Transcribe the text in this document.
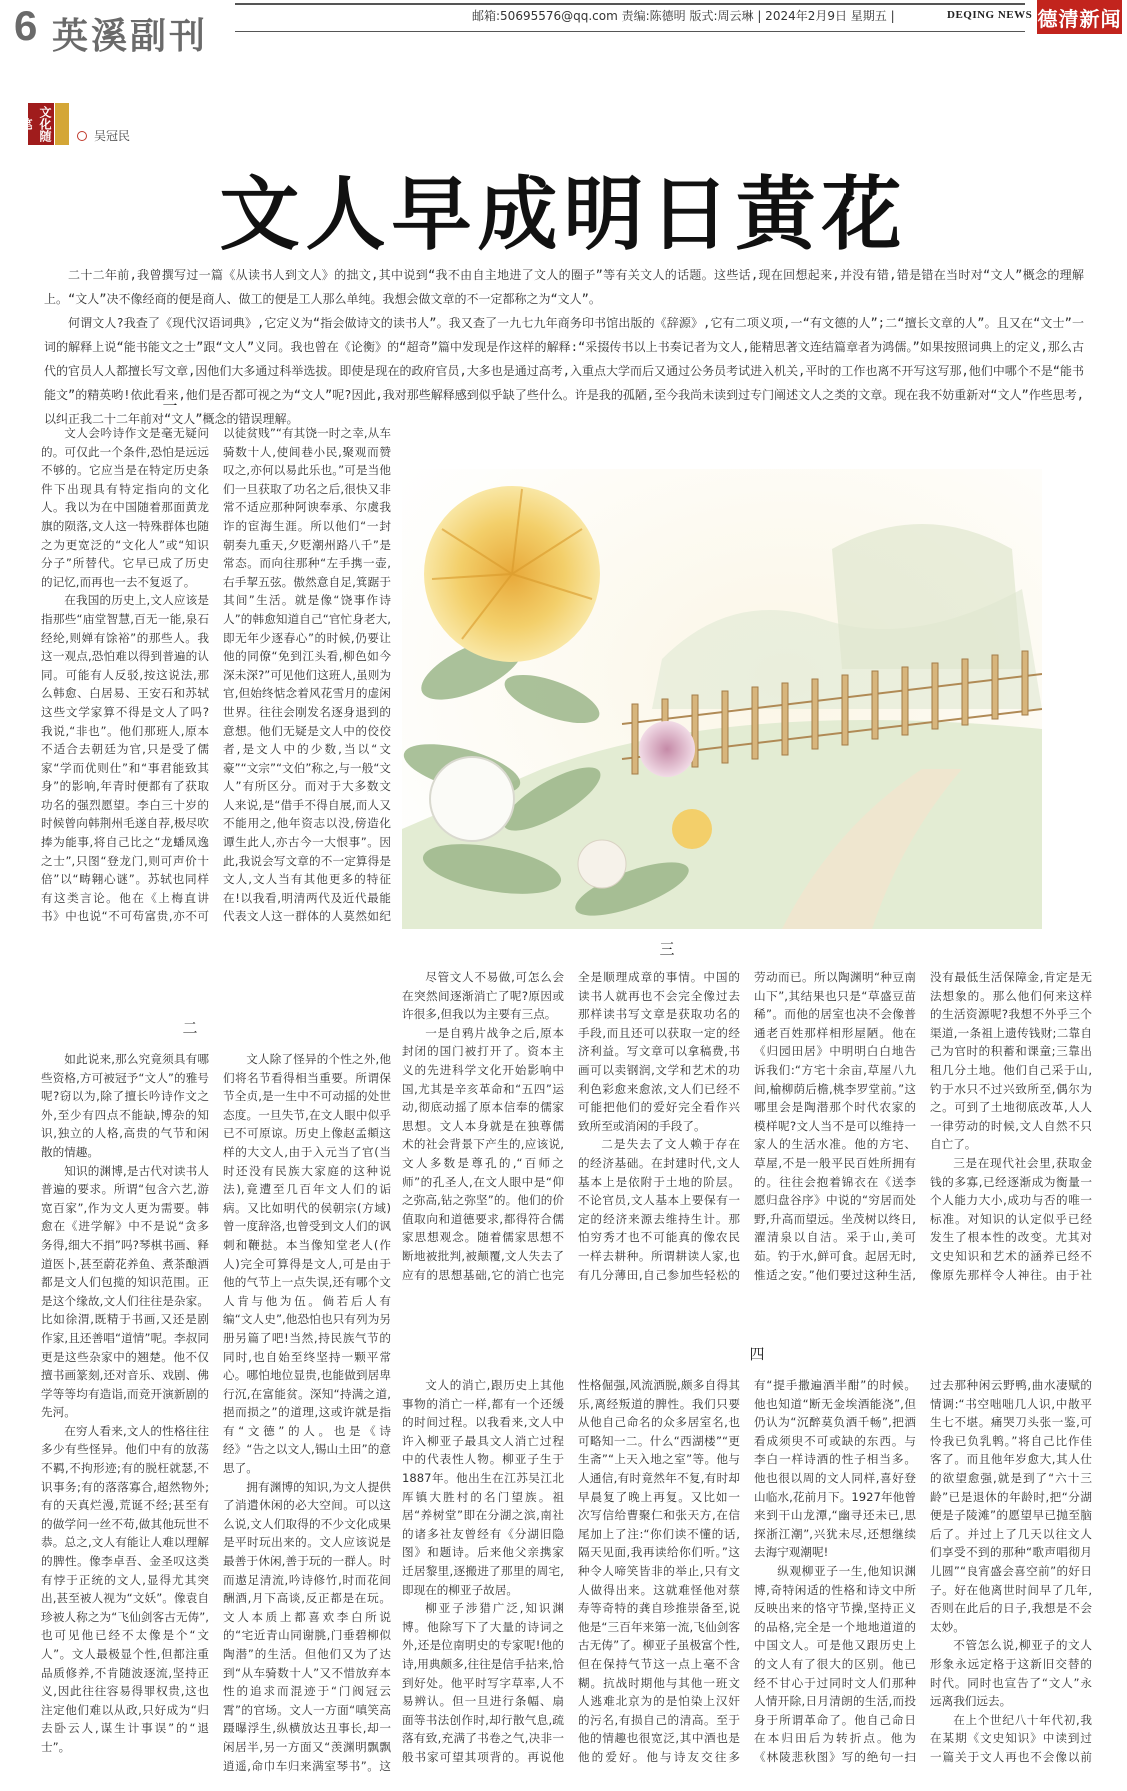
6 英溪副刊	邮箱:50695576@qq.com 责编:陈德明 版式:周云琳 | 2024年2月9日 星期五 |	DEQING NEWS 德清新闻
文化随笔
吴冠民
文人早成明日黄花

二十二年前,我曾撰写过一篇《从读书人到文人》的拙文,其中说到“我不由自主地进了文人的圈子”等有关文人的话题。这些话,现在回想起来,并没有错,错是错在当时对“文人”概念的理解上。“文人”决不像经商的便是商人、做工的便是工人那么单纯。我想会做文章的不一定都称之为“文人”。

何谓文人?我查了《现代汉语词典》,它定义为“指会做诗文的读书人”。我又查了一九七九年商务印书馆出版的《辞源》,它有二项义项,一“有文德的人”;二“擅长文章的人”。且又在“文士”一词的解释上说“能书能文之士”跟“文人”义同。我也曾在《论衡》的“超奇”篇中发现是作这样的解释:“采掇传书以上书奏记者为文人,能精思著文连结篇章者为鸿儒。”如果按照词典上的定义,那么古代的官员人人都擅长写文章,因他们大多通过科举选拔。即使是现在的政府官员,大多也是通过高考,入重点大学而后又通过公务员考试进入机关,平时的工作也离不开写这写那,他们中哪个不是“能书能文”的精英哟!依此看来,他们是否都可视之为“文人”呢?因此,我对那些解释感到似乎缺了些什么。许是我的孤陋,至今我尚未读到过专门阐述文人之类的文章。现在我不妨重新对“文人”作些思考,以纠正我二十二年前对“文人”概念的错误理解。

一

文人会吟诗作文是毫无疑问的。可仅此一个条件,恐怕是远远不够的。它应当是在特定历史条件下出现具有特定指向的文化人。我以为在中国随着那面黄龙旗的陨落,文人这一特殊群体也随之为更宽泛的“文化人”或“知识分子”所替代。它早已成了历史的记忆,而再也一去不复返了。

在我国的历史上,文人应该是指那些“庙堂智慧,百无一能,泉石经纶,则婵有馀裕”的那些人。我这一观点,恐怕难以得到普遍的认同。可能有人反驳,按这说法,那么韩愈、白居易、王安石和苏轼这些文学家算不得是文人了吗?我说,“非也”。他们那班人,原本不适合去朝廷为官,只是受了儒家“学而优则仕”和“事君能致其身”的影响,年青时便都有了获取功名的强烈愿望。李白三十岁的时候曾向韩荆州毛遂自荐,极尽吹捧为能事,将自己比之“龙蟠凤逸之士”,只图“登龙门,则可声价十倍”以“畴翱心谜”。苏轼也同样有这类言论。他在《上梅直讲书》中也说“不可苟富贵,亦不可以徒贫贱”“有其饶一时之幸,从车骑数十人,使闾巷小民,聚观而赞叹之,亦何以易此乐也。”可是当他们一旦获取了功名之后,很快又非常不适应那种阿谀奉承、尔虞我诈的宦海生涯。所以他们“一封朝奏九重天,夕贬潮州路八千”是常态。而向往那种“左手携一壶,右手挈五弦。傲然意自足,箕踞于其间”生活。就是像“饶事作诗人”的韩愈知道自己“官忙身老大,即无年少逐春心”的时候,仍要让他的同僚“免到江头看,柳色如今深未深?”可见他们这班人,虽则为官,但始终惦念着风花雪月的虚闲世界。往往会刚发名逐身退到的意想。他们无疑是文人中的佼佼者,是文人中的少数,当以“文豪”“文宗”“文伯”称之,与一般“文人”有所区分。而对于大多数文人来说,是“借手不得自展,而人又不能用之,他年资志以没,傍造化谭生此人,亦古今一大恨事”。因此,我说会写文章的不一定算得是文人,文人当有其他更多的特征在!以我看,明清两代及近代最能代表文人这一群体的人莫然如纪

三

尽管文人不易做,可怎么会在突然间逐渐消亡了呢?原因或许很多,但我以为主要有三点。

一是自鸦片战争之后,原本封闭的国门被打开了。资本主义的先进科学文化开始影响中国,尤其是辛亥革命和“五四”运动,彻底动摇了原本信奉的儒家思想。文人本身就是在独尊儒术的社会背景下产生的,应该说,文人多数是尊孔的,“百师之师”的孔圣人,在文人眼中是“仰之弥高,钻之弥坚”的。他们的价值取向和道德要求,都得符合儒家思想观念。随着儒家思想不断地被批判,被颠覆,文人失去了应有的思想基础,它的消亡也完全是顺理成章的事情。中国的读书人就再也不会完全像过去那样读书写文章是获取功名的手段,而且还可以获取一定的经济利益。写文章可以拿稿费,书画可以卖钢润,文学和艺术的功利色彩愈来愈浓,文人们已经不可能把他们的爱好完全看作兴致所至或消闲的手段了。

二是失去了文人赖于存在的经济基础。在封建时代,文人基本上是依附于土地的阶层。不论官员,文人基本上要保有一定的经济来源去维持生计。那怕穷秀才也不可能真的像农民一样去耕种。所谓耕读人家,也有几分薄田,自己参加些轻松的劳动而已。所以陶渊明“种豆南山下”,其结果也只是“草盛豆苗稀”。而他的居室也决不会像普通老百姓那样相形屋陋。他在《归园田居》中明明白白地告诉我们:“方宅十余亩,草屋八九间,榆柳荫后檐,桃李罗堂前。”这哪里会是陶潜那个时代农家的模样呢?文人当不是可以维持一家人的生活水准。他的方宅、草屋,不是一般平民百姓所拥有的。往往会抱着锦衣在《送李愿归盘谷序》中说的“穷居而处野,升高而望远。坐茂树以终日,濯清泉以自洁。采于山,美可茹。钓于水,鲜可食。起居无时,惟适之安。”他们要过这种生活,没有最低生活保障金,肯定是无法想象的。那么他们何来这样的生活资源呢?我想不外乎三个渠道,一条祖上遗传钱财;二靠自己为官时的积蓄和课童;三靠出租几分土地。他们自己采于山,钓于水只不过兴致所至,偶尔为之。可到了土地彻底改革,人人一律劳动的时候,文人自然不只自亡了。

三是在现代社会里,获取金钱的多寡,已经逐渐成为衡量一个人能力大小,成功与否的唯一标准。对知识的认定似乎已经发生了根本性的改变。尤其对文史知识和艺术的涵养已经不像原先那样令人神往。由于社

二

如此说来,那么究竟须具有哪些资格,方可被冠予“文人”的雅号呢?窃以为,除了擅长吟诗作文之外,至少有四点不能缺,博杂的知识,独立的人格,高贵的气节和闲散的情趣。

知识的渊博,是古代对读书人普遍的要求。所谓“包含六艺,游宽百家”,作为文人更为需要。韩愈在《进学解》中不是说“贪多务得,细大不捐”吗?琴棋书画、释道医卜,甚至蔚花养鱼、煮茶酿酒都是文人们包揽的知识范围。正是这个缘故,文人们往往是杂家。比如徐渭,既精于书画,又还是剧作家,且还善唱“道情”呢。李叔同更是这些杂家中的翘楚。他不仅擅书画篆刻,还对音乐、戏剧、佛学等等均有造诣,而竞开演新剧的先河。

在穷人看来,文人的性格往往多少有些怪异。他们中有的放荡不羁,不拘形迹;有的脱枉就瑟,不识事务;有的落落寡合,超然物外;有的天真烂漫,荒诞不经;甚至有的做学问一丝不苟,做其他玩世不恭。总之,文人有能让人难以理解的脾性。像李卓吾、金圣叹这类有悖于正统的文人,显得尤其突出,甚至被人视为“文妖”。像袁自珍被人称之为“飞仙剑客古无俦”,也可见他已经不太像是个“文人”。文人最极显个性,但都注重品质修养,不肯随波逐流,坚持正义,因此往往容易得罪权贵,这也注定他们难以从政,只好成为“归去卧云人,谋生计事误”的“退士”。

文人除了怪异的个性之外,他们将名节看得相当重要。所谓保节全贞,是一生中不可动摇的处世态度。一旦失节,在文人眼中似乎已不可原谅。历史上像赵孟頫这样的大文人,由于入元当了官(当时还没有民族大家庭的这种说法),竟遭至几百年文人们的诟病。又比如明代的侯朝宗(方域)曾一度辞洛,也曾受到文人们的讽刺和鞭挞。本当像知堂老人(作人)完全可算得是文人,可是由于他的气节上一点失误,还有哪个文人肯与他为伍。倘若后人有编“文人史”,他恐怕也只有列为另册另篇了吧!当然,持民族气节的同时,也自始至终坚持一颗平常心。哪怕地位显贵,也能做到居卑行沉,在富能贫。深知“持满之道,挹而损之”的道理,这或许就是指有“文德”的人。也是《诗经》“告之以文人,锡山土田”的意思了。

拥有渊博的知识,为文人提供了消遣休闲的必大空间。可以这么说,文人们取得的不少文化成果是平时玩出来的。文人应该说是最善于休闲,善于玩的一群人。时而遨足清流,吟诗修竹,时而花间酬酒,月下高谈,反正都是在玩。文人本质上都喜欢李白所说的“宅近青山同谢朓,门垂碧柳似陶潜”的生活。但他们又为了达到“从车骑数十人”又不惜放弃本性的追求而混迹于“门阀冠云霄”的官场。文人一方面“嗔笑高蹑曝浮生,纵横放达丑事长,却一闲居半,另一方面又“羡渊明飘飘逍遥,命巾车归来满室琴书”。这

四

文人的消亡,跟历史上其他事物的消亡一样,都有一个还缓的时间过程。以我看来,文人中许入柳亚子最具文人消亡过程中的代表性人物。柳亚子生于1887年。他出生在江苏吴江北厍镇大胜村的名门望族。祖居“养树堂”即在分湖之滨,南社的诸多社友曾经有《分湖旧隐图》和题诗。后来他父亲携家迁居黎里,逐搬进了那里的周宅,即现在的柳亚子故居。

柳亚子涉猎广泛,知识渊博。他除写下了大量的诗词之外,还是位南明史的专家呢!他的诗,用典颇多,往往是信手拈来,恰到好处。他平时写字草率,人不易辨认。但一旦进行条幅、扇面等书法创作时,却行散气息,疏落有致,充满了书卷之气,决非一般书家可望其项背的。再说他性格倔强,风流洒脱,颇多自得其乐,离经叛道的脾性。我们只要从他自己命名的众多居室名,也可略知一二。什么“西湖楼”“更生斋”“上天入地之室”等。他与人通信,有时竟然年不复,有时却早晨复了晚上再复。又比如一次写信给曹聚仁和张天方,在信尾加上了注:“你们读不懂的话,隔天见面,我再读给你们听。”这种令人啼笑皆非的举止,只有文人做得出来。这就难怪他对蔡寿等奇特的龚自珍推崇备至,说他是“三百年来第一流,飞仙剑客古无俦”了。柳亚子虽极富个性,但在保持气节这一点上毫不含糊。抗战时期他与其他一班文人逃难北京为的是怕染上汉奸的污名,有损自己的清高。至于他的情趣也很宽泛,其中酒也是他的爱好。他与诗友交往多有“提手撒遍酒半酣”的时候。他也知道“断无金埃酒能浇”,但仍认为“沉醉莫负酒千畅”,把酒看成须臾不可或缺的东西。与李白一样诗酒的性子相当多。他也很以周的文人同样,喜好登山临水,花前月下。1927年他曾来到干山龙潭,“幽寻还未已,思探浙江潮”,兴犹未尽,还想继续去海宁观潮呢!

纵观柳亚子一生,他知识渊博,奇特闲适的性格和诗文中所反映出来的恪守节操,坚持正义的品格,完全是一个地地道道的中国文人。可是他又跟历史上的文人有了很大的区别。他已经不甘心于过同时文人们那种人情开除,日月清朗的生活,而投身于所谓革命了。他自己命日在本归田后为转折点。他为《林陵悲秋图》写的绝句一扫过去那种闲云野鸭,曲水凄赋的情调:“书空咄咄几人识,中散平生七不堪。痛哭刀头张一鉴,可怜我已负乳鹎。”将自己比作佳客了。而且他年岁愈大,其人仕的欲望愈强,就是到了“六十三龄”已是退休的年龄时,把“分湖便是子陵滩”的愿望早已抛至脑后了。并过上了几天以往文人们享受不到的那种“歌声唱彻月儿圆”“良宵盛会喜空前”的好日子。好在他离世时间早了几年,否则在此后的日子,我想是不会太妙。

不管怎么说,柳亚子的文人形象永远定格于这新旧交替的时代。同时也宣告了“文人”永远离我们远去。

在上个世纪八十年代初,我在某期《文史知识》中读到过一篇关于文人再也不会像以前
